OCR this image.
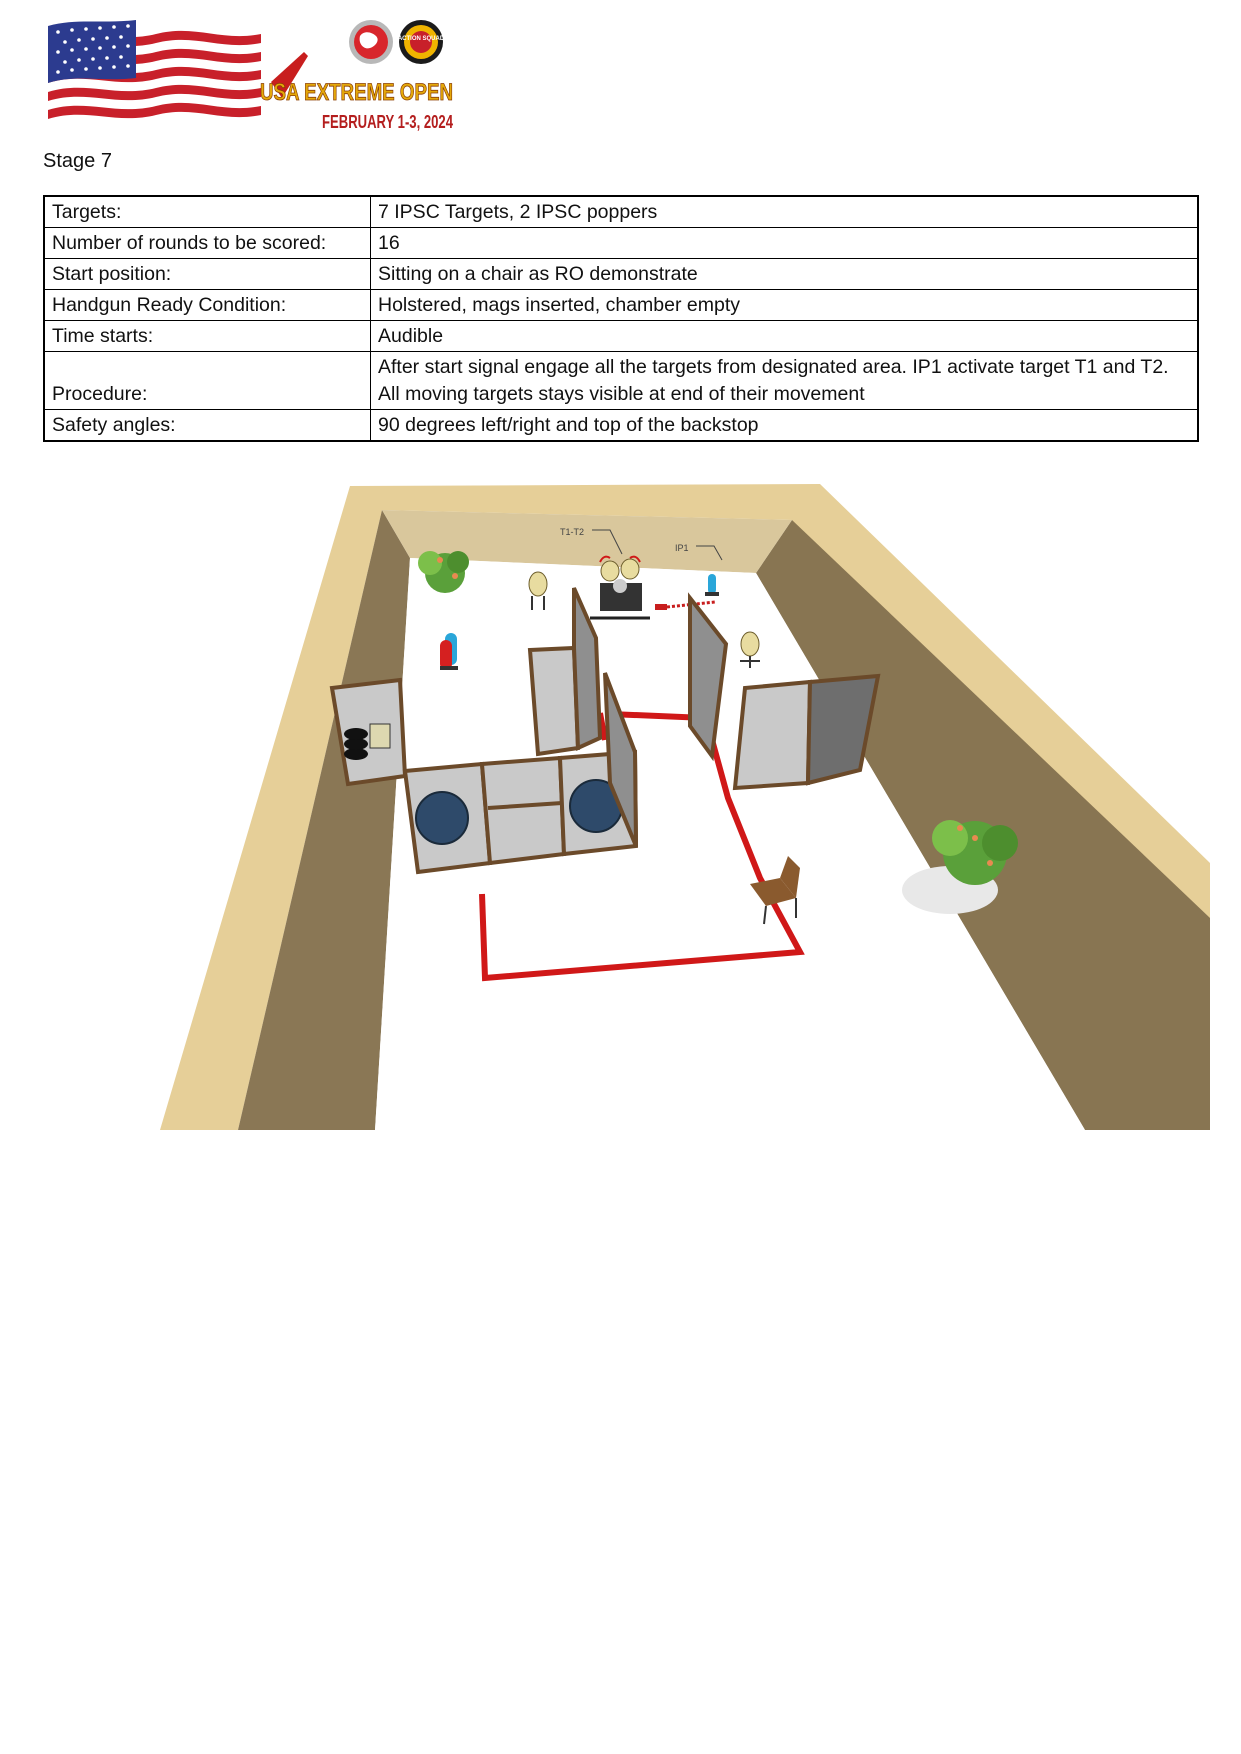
ACTION SQUAD
USA EXTREME OPEN
FEBRUARY 1-3, 2024
Stage 7
Targets:	7 IPSC Targets, 2 IPSC poppers
Number of rounds to be scored:	16
Start position:	Sitting on a chair as RO demonstrate
Handgun Ready Condition:	Holstered, mags inserted, chamber empty
Time starts:	Audible
Procedure:	After start signal engage all the targets from designated area. IP1 activate target T1 and T2. All moving targets stays visible at end of their movement
Safety angles:	90 degrees left/right and top of the backstop
T1-T2
IP1
